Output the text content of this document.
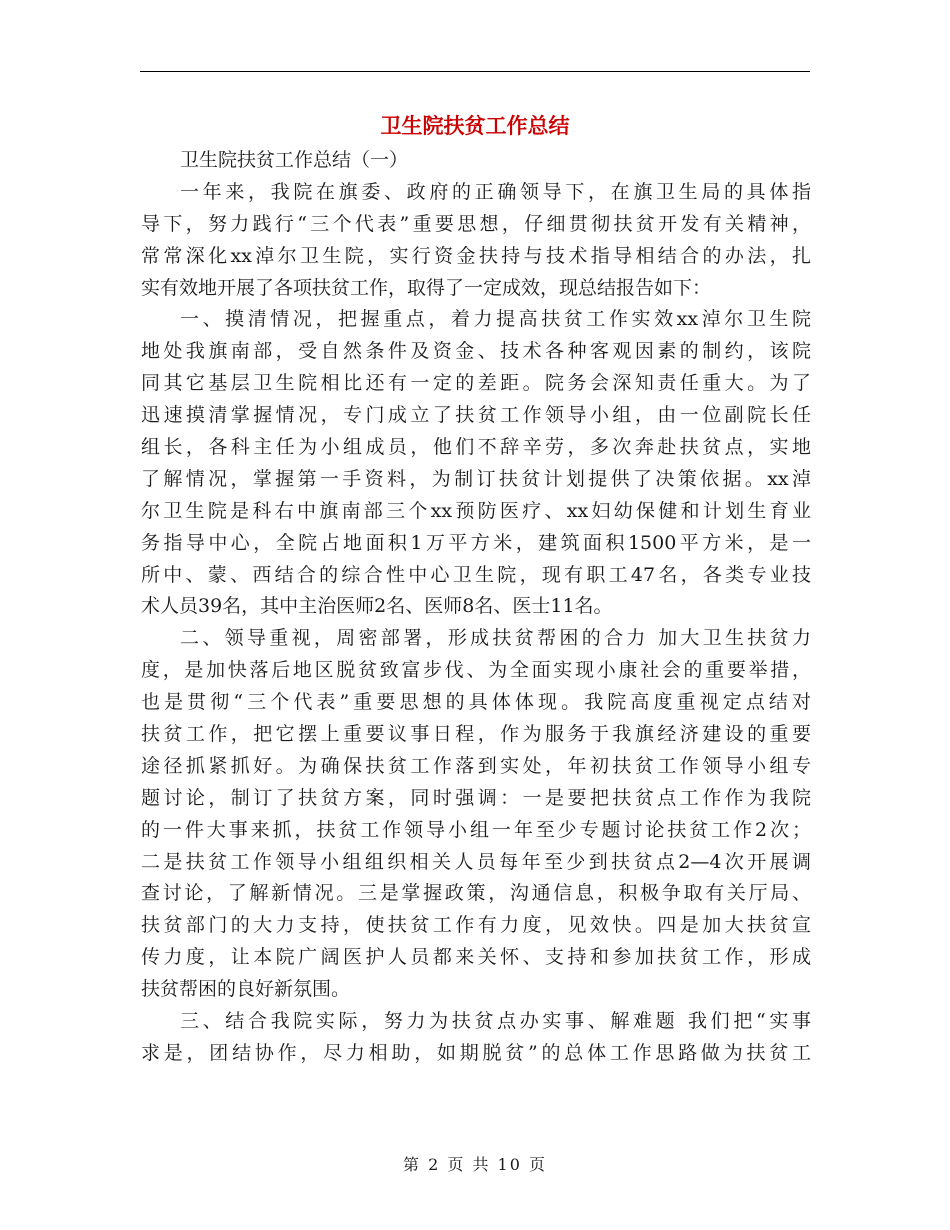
卫生院扶贫工作总结
卫生院扶贫工作总结（一）
一年来，我院在旗委、政府的正确领导下，在旗卫生局的具体指
导下，努力践行“三个代表”重要思想，仔细贯彻扶贫开发有关精神，
常常深化xx淖尔卫生院，实行资金扶持与技术指导相结合的办法，扎
实有效地开展了各项扶贫工作，取得了一定成效，现总结报告如下：
一、摸清情况，把握重点，着力提高扶贫工作实效xx淖尔卫生院
地处我旗南部，受自然条件及资金、技术各种客观因素的制约，该院
同其它基层卫生院相比还有一定的差距。院务会深知责任重大。为了
迅速摸清掌握情况，专门成立了扶贫工作领导小组，由一位副院长任
组长，各科主任为小组成员，他们不辞辛劳，多次奔赴扶贫点，实地
了解情况，掌握第一手资料，为制订扶贫计划提供了决策依据。xx淖
尔卫生院是科右中旗南部三个xx预防医疗、xx妇幼保健和计划生育业
务指导中心，全院占地面积1万平方米，建筑面积1500平方米，是一
所中、蒙、西结合的综合性中心卫生院，现有职工47名，各类专业技
术人员39名，其中主治医师2名、医师8名、医士11名。
二、领导重视，周密部署，形成扶贫帮困的合力 加大卫生扶贫力
度，是加快落后地区脱贫致富步伐、为全面实现小康社会的重要举措，
也是贯彻“三个代表”重要思想的具体体现。我院高度重视定点结对
扶贫工作，把它摆上重要议事日程，作为服务于我旗经济建设的重要
途径抓紧抓好。为确保扶贫工作落到实处，年初扶贫工作领导小组专
题讨论，制订了扶贫方案，同时强调：一是要把扶贫点工作作为我院
的一件大事来抓，扶贫工作领导小组一年至少专题讨论扶贫工作2次；
二是扶贫工作领导小组组织相关人员每年至少到扶贫点2—4次开展调
查讨论，了解新情况。三是掌握政策，沟通信息，积极争取有关厅局、
扶贫部门的大力支持，使扶贫工作有力度，见效快。四是加大扶贫宣
传力度，让本院广阔医护人员都来关怀、支持和参加扶贫工作，形成
扶贫帮困的良好新氛围。
三、结合我院实际，努力为扶贫点办实事、解难题 我们把“实事
求是，团结协作，尽力相助，如期脱贫”的总体工作思路做为扶贫工
第 2 页 共 10 页
